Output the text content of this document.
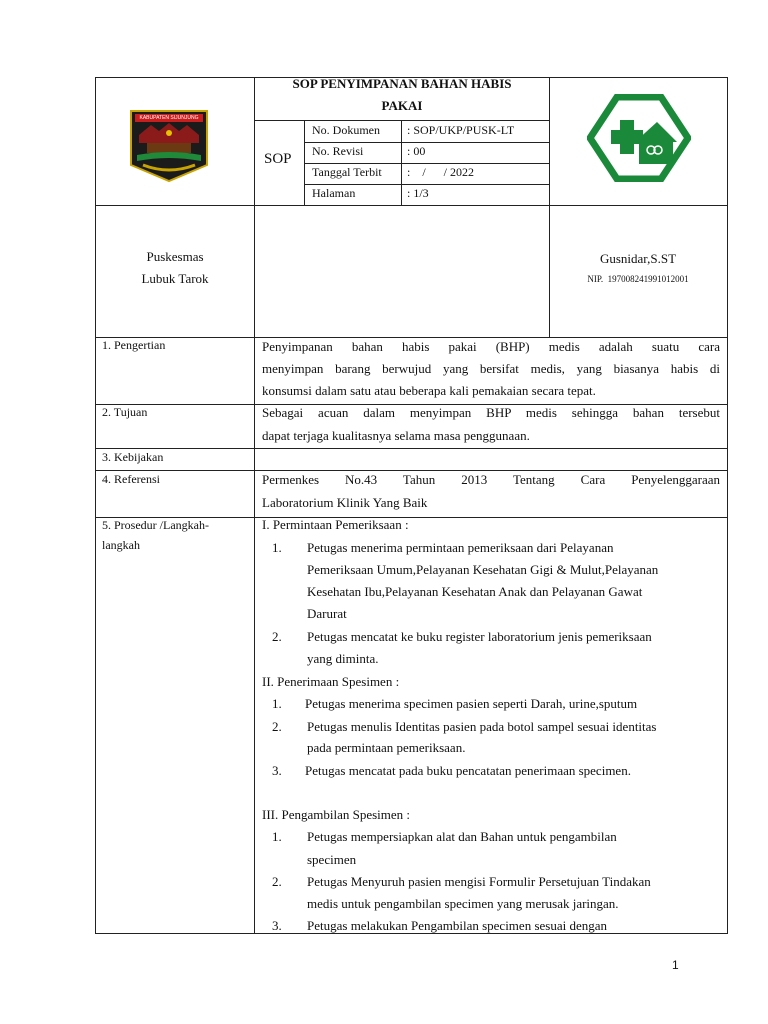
KABUPATEN SIJUNJUNG
SOP PENYIMPANAN BAHAN HABIS
PAKAI
SOP
No. Dokumen : SOP/UKP/PUSK-LT
No. Revisi	: 00
Tanggal Terbit :    /      / 2022
Halaman	: 1/3
Puskesmas
Lubuk Tarok
Gusnidar,S.ST
NIP.  197008241991012001
1. Pengertian	Penyimpanan bahan habis pakai (BHP) medis adalah suatu cara
menyimpan barang berwujud yang bersifat medis, yang biasanya habis di
konsumsi dalam satu atau beberapa kali pemakaian secara tepat.
2. Tujuan	Sebagai acuan dalam menyimpan BHP medis sehingga bahan tersebut
dapat terjaga kualitasnya selama masa penggunaan.
3. Kebijakan
4. Referensi	Permenkes No.43 Tahun 2013 Tentang Cara Penyelenggaraan
Laboratorium Klinik Yang Baik
5. Prosedur /Langkah-
langkah
I. Permintaan Pemeriksaan :
1. Petugas menerima permintaan pemeriksaan dari Pelayanan
Pemeriksaan Umum,Pelayanan Kesehatan Gigi & Mulut,Pelayanan
Kesehatan Ibu,Pelayanan Kesehatan Anak dan Pelayanan Gawat
Darurat
2. Petugas mencatat ke buku register laboratorium jenis pemeriksaan
yang diminta.
II. Penerimaan Spesimen :
1. Petugas menerima specimen pasien seperti Darah, urine,sputum
2. Petugas menulis Identitas pasien pada botol sampel sesuai identitas
pada permintaan pemeriksaan.
3. Petugas mencatat pada buku pencatatan penerimaan specimen.
III. Pengambilan Spesimen :
1. Petugas mempersiapkan alat dan Bahan untuk pengambilan
specimen
2. Petugas Menyuruh pasien mengisi Formulir Persetujuan Tindakan
medis untuk pengambilan specimen yang merusak jaringan.
3. Petugas melakukan Pengambilan specimen sesuai dengan
1
